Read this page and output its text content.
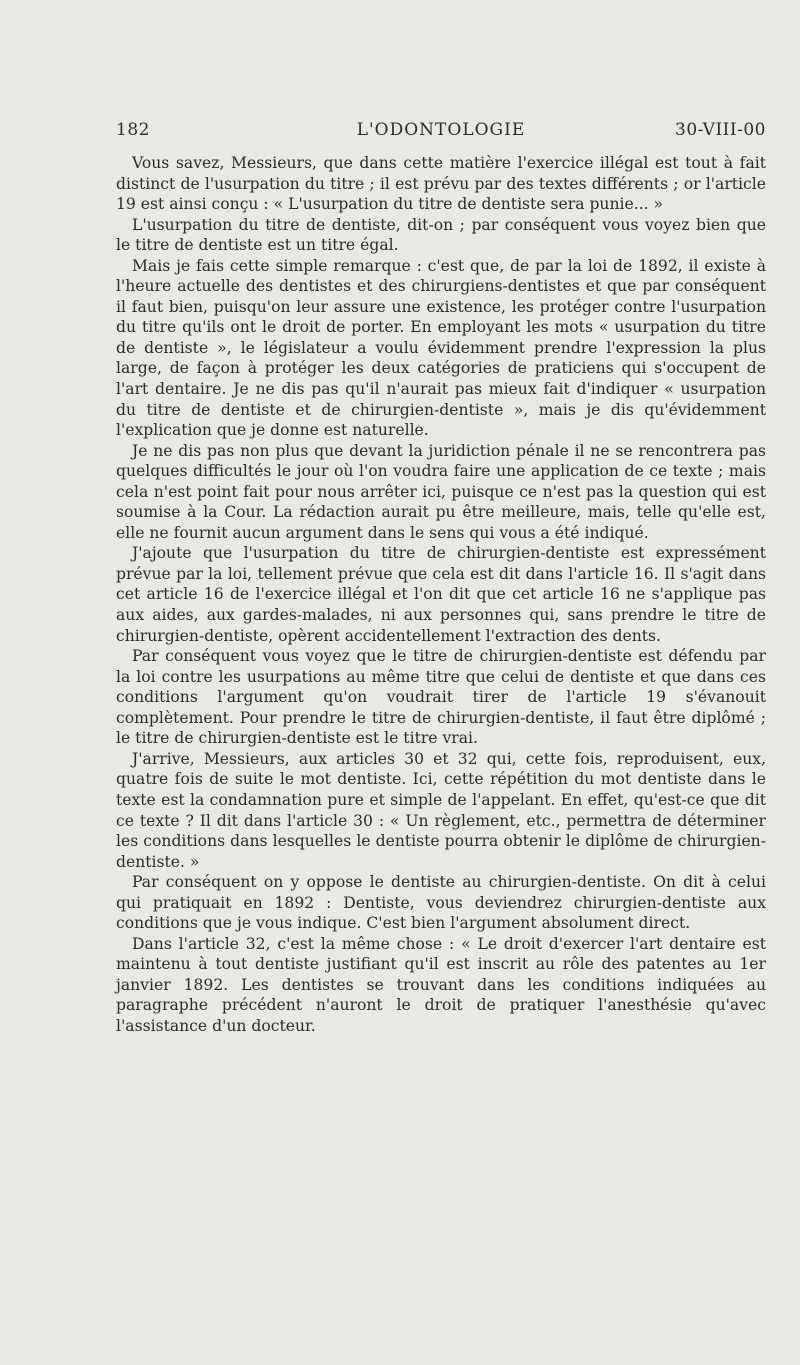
182	L'ODONTOLOGIE	30-VIII-00

Vous savez, Messieurs, que dans cette matière l'exercice illégal est tout à fait distinct de l'usurpation du titre ; il est prévu par des textes différents ; or l'article 19 est ainsi conçu : « L'usurpation du titre de dentiste sera punie... »

L'usurpation du titre de dentiste, dit-on ; par conséquent vous voyez bien que le titre de dentiste est un titre égal.

Mais je fais cette simple remarque : c'est que, de par la loi de 1892, il existe à l'heure actuelle des dentistes et des chirurgiens-dentistes et que par conséquent il faut bien, puisqu'on leur assure une existence, les protéger contre l'usurpation du titre qu'ils ont le droit de porter. En employant les mots « usurpation du titre de dentiste », le législateur a voulu évidemment prendre l'expression la plus large, de façon à protéger les deux catégories de praticiens qui s'occupent de l'art dentaire. Je ne dis pas qu'il n'aurait pas mieux fait d'indiquer « usurpation du titre de dentiste et de chirurgien-dentiste », mais je dis qu'évidemment l'explication que je donne est naturelle.

Je ne dis pas non plus que devant la juridiction pénale il ne se rencontrera pas quelques difficultés le jour où l'on voudra faire une application de ce texte ; mais cela n'est point fait pour nous arrêter ici, puisque ce n'est pas la question qui est soumise à la Cour. La rédaction aurait pu être meilleure, mais, telle qu'elle est, elle ne fournit aucun argument dans le sens qui vous a été indiqué.

J'ajoute que l'usurpation du titre de chirurgien-dentiste est expressément prévue par la loi, tellement prévue que cela est dit dans l'article 16. Il s'agit dans cet article 16 de l'exercice illégal et l'on dit que cet article 16 ne s'applique pas aux aides, aux gardes-malades, ni aux personnes qui, sans prendre le titre de chirurgien-dentiste, opèrent accidentellement l'extraction des dents.

Par conséquent vous voyez que le titre de chirurgien-dentiste est défendu par la loi contre les usurpations au même titre que celui de dentiste et que dans ces conditions l'argument qu'on voudrait tirer de l'article 19 s'évanouit complètement. Pour prendre le titre de chirurgien-dentiste, il faut être diplômé ; le titre de chirurgien-dentiste est le titre vrai.

J'arrive, Messieurs, aux articles 30 et 32 qui, cette fois, reproduisent, eux, quatre fois de suite le mot dentiste. Ici, cette répétition du mot dentiste dans le texte est la condamnation pure et simple de l'appelant. En effet, qu'est-ce que dit ce texte ? Il dit dans l'article 30 : « Un règlement, etc., permettra de déterminer les conditions dans lesquelles le dentiste pourra obtenir le diplôme de chirurgien-dentiste. »

Par conséquent on y oppose le dentiste au chirurgien-dentiste. On dit à celui qui pratiquait en 1892 : Dentiste, vous deviendrez chirurgien-dentiste aux conditions que je vous indique. C'est bien l'argument absolument direct.

Dans l'article 32, c'est la même chose : « Le droit d'exercer l'art dentaire est maintenu à tout dentiste justifiant qu'il est inscrit au rôle des patentes au 1er janvier 1892. Les dentistes se trouvant dans les conditions indiquées au paragraphe précédent n'auront le droit de pratiquer l'anesthésie qu'avec l'assistance d'un docteur.
